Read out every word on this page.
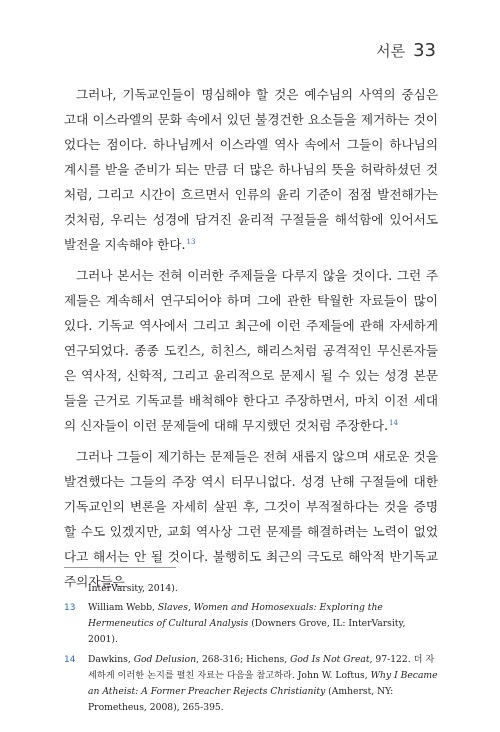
서론 33

그러나, 기독교인들이 명심해야 할 것은 예수님의 사역의 중심은 고대 이스라엘의 문화 속에서 있던 불경건한 요소들을 제거하는 것이었다는 점이다. 하나님께서 이스라엘 역사 속에서 그들이 하나님의 계시를 받을 준비가 되는 만큼 더 많은 하나님의 뜻을 허락하셨던 것처럼, 그리고 시간이 흐르면서 인류의 윤리 기준이 점점 발전해가는 것처럼, 우리는 성경에 담겨진 윤리적 구절들을 해석함에 있어서도 발전을 지속해야 한다.$^{13}$

그러나 본서는 전혀 이러한 주제들을 다루지 않을 것이다. 그런 주제들은 계속해서 연구되어야 하며 그에 관한 탁월한 자료들이 많이 있다. 기독교 역사에서 그리고 최근에 이런 주제들에 관해 자세하게 연구되었다. 종종 도킨스, 히친스, 해리스처럼 공격적인 무신론자들은 역사적, 신학적, 그리고 윤리적으로 문제시 될 수 있는 성경 본문들을 근거로 기독교를 배척해야 한다고 주장하면서, 마치 이전 세대의 신자들이 이런 문제들에 대해 무지했던 것처럼 주장한다.$^{14}$

그러나 그들이 제기하는 문제들은 전혀 새롭지 않으며 새로운 것을 발견했다는 그들의 주장 역시 터무니없다. 성경 난해 구절들에 대한 기독교인의 변론을 자세히 살핀 후, 그것이 부적절하다는 것을 증명할 수도 있겠지만, 교회 역사상 그런 문제를 해결하려는 노력이 없었다고 해서는 안 될 것이다. 불행히도 최근의 극도로 해악적 반기독교주의자들은

InterVarsity, 2014).
13	William Webb, Slaves, Women and Homosexuals: Exploring the Hermeneutics of Cultural Analysis (Downers Grove, IL: InterVarsity, 2001).
14	Dawkins, God Delusion, 268-316; Hichens, God Is Not Great, 97-122. 더 자세하게 이러한 논지를 펼친 자료는 다음을 참고하라. John W. Loftus, Why I Became an Atheist: A Former Preacher Rejects Christianity (Amherst, NY: Prometheus, 2008), 265-395.
